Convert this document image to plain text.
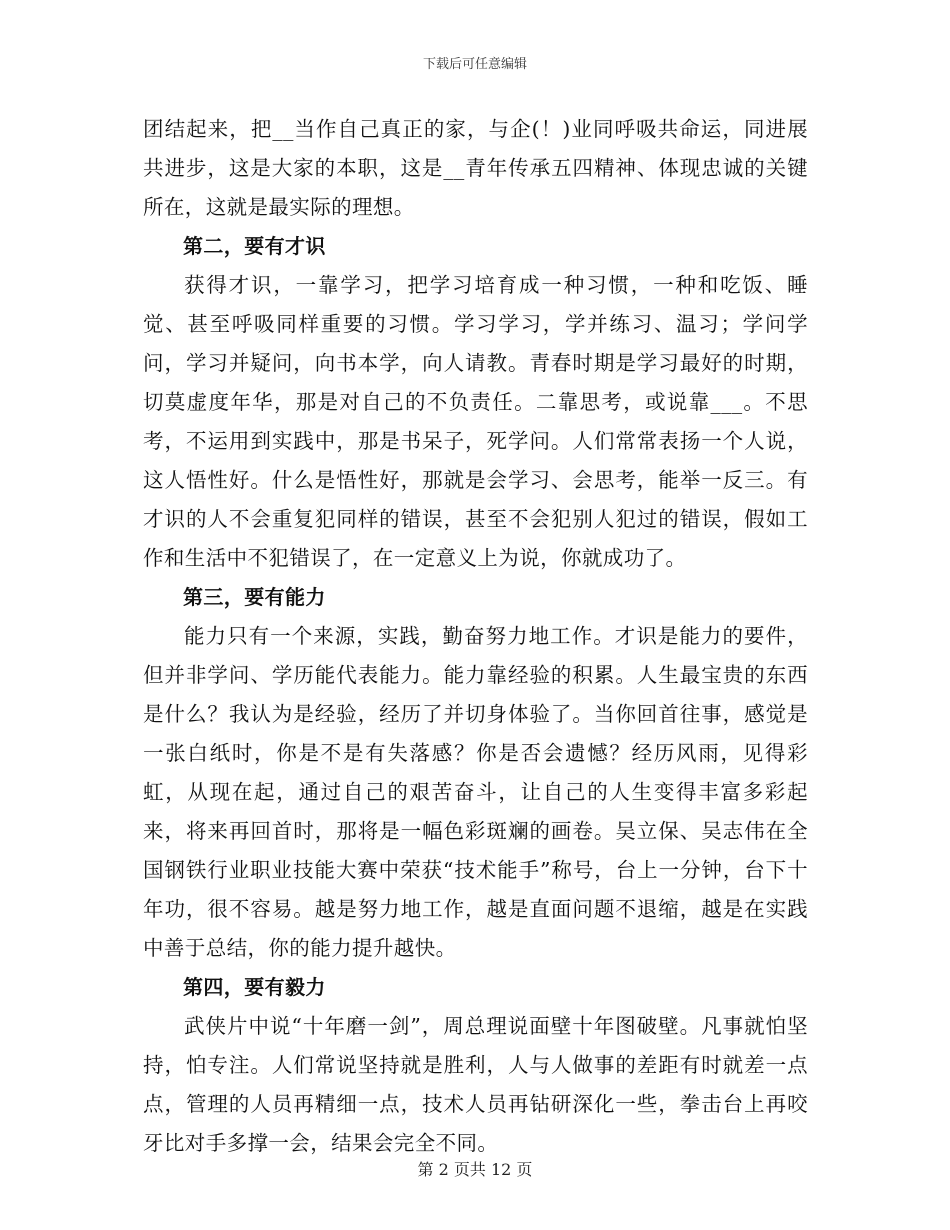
下载后可任意编辑

团结起来，把__当作自己真正的家，与企(！)业同呼吸共命运，同进展共进步，这是大家的本职，这是__青年传承五四精神、体现忠诚的关键所在，这就是最实际的理想。

第二，要有才识

获得才识，一靠学习，把学习培育成一种习惯，一种和吃饭、睡觉、甚至呼吸同样重要的习惯。学习学习，学并练习、温习；学问学问，学习并疑问，向书本学，向人请教。青春时期是学习最好的时期，切莫虚度年华，那是对自己的不负责任。二靠思考，或说靠___。不思考，不运用到实践中，那是书呆子，死学问。人们常常表扬一个人说，这人悟性好。什么是悟性好，那就是会学习、会思考，能举一反三。有才识的人不会重复犯同样的错误，甚至不会犯别人犯过的错误，假如工作和生活中不犯错误了，在一定意义上为说，你就成功了。

第三，要有能力

能力只有一个来源，实践，勤奋努力地工作。才识是能力的要件，但并非学问、学历能代表能力。能力靠经验的积累。人生最宝贵的东西是什么？我认为是经验，经历了并切身体验了。当你回首往事，感觉是一张白纸时，你是不是有失落感？你是否会遗憾？经历风雨，见得彩虹，从现在起，通过自己的艰苦奋斗，让自己的人生变得丰富多彩起来，将来再回首时，那将是一幅色彩斑斓的画卷。吴立保、吴志伟在全国钢铁行业职业技能大赛中荣获“技术能手”称号，台上一分钟，台下十年功，很不容易。越是努力地工作，越是直面问题不退缩，越是在实践中善于总结，你的能力提升越快。

第四，要有毅力

武侠片中说“十年磨一剑”，周总理说面壁十年图破壁。凡事就怕坚持，怕专注。人们常说坚持就是胜利，人与人做事的差距有时就差一点点，管理的人员再精细一点，技术人员再钻研深化一些，拳击台上再咬牙比对手多撑一会，结果会完全不同。

第 2 页共 12 页
